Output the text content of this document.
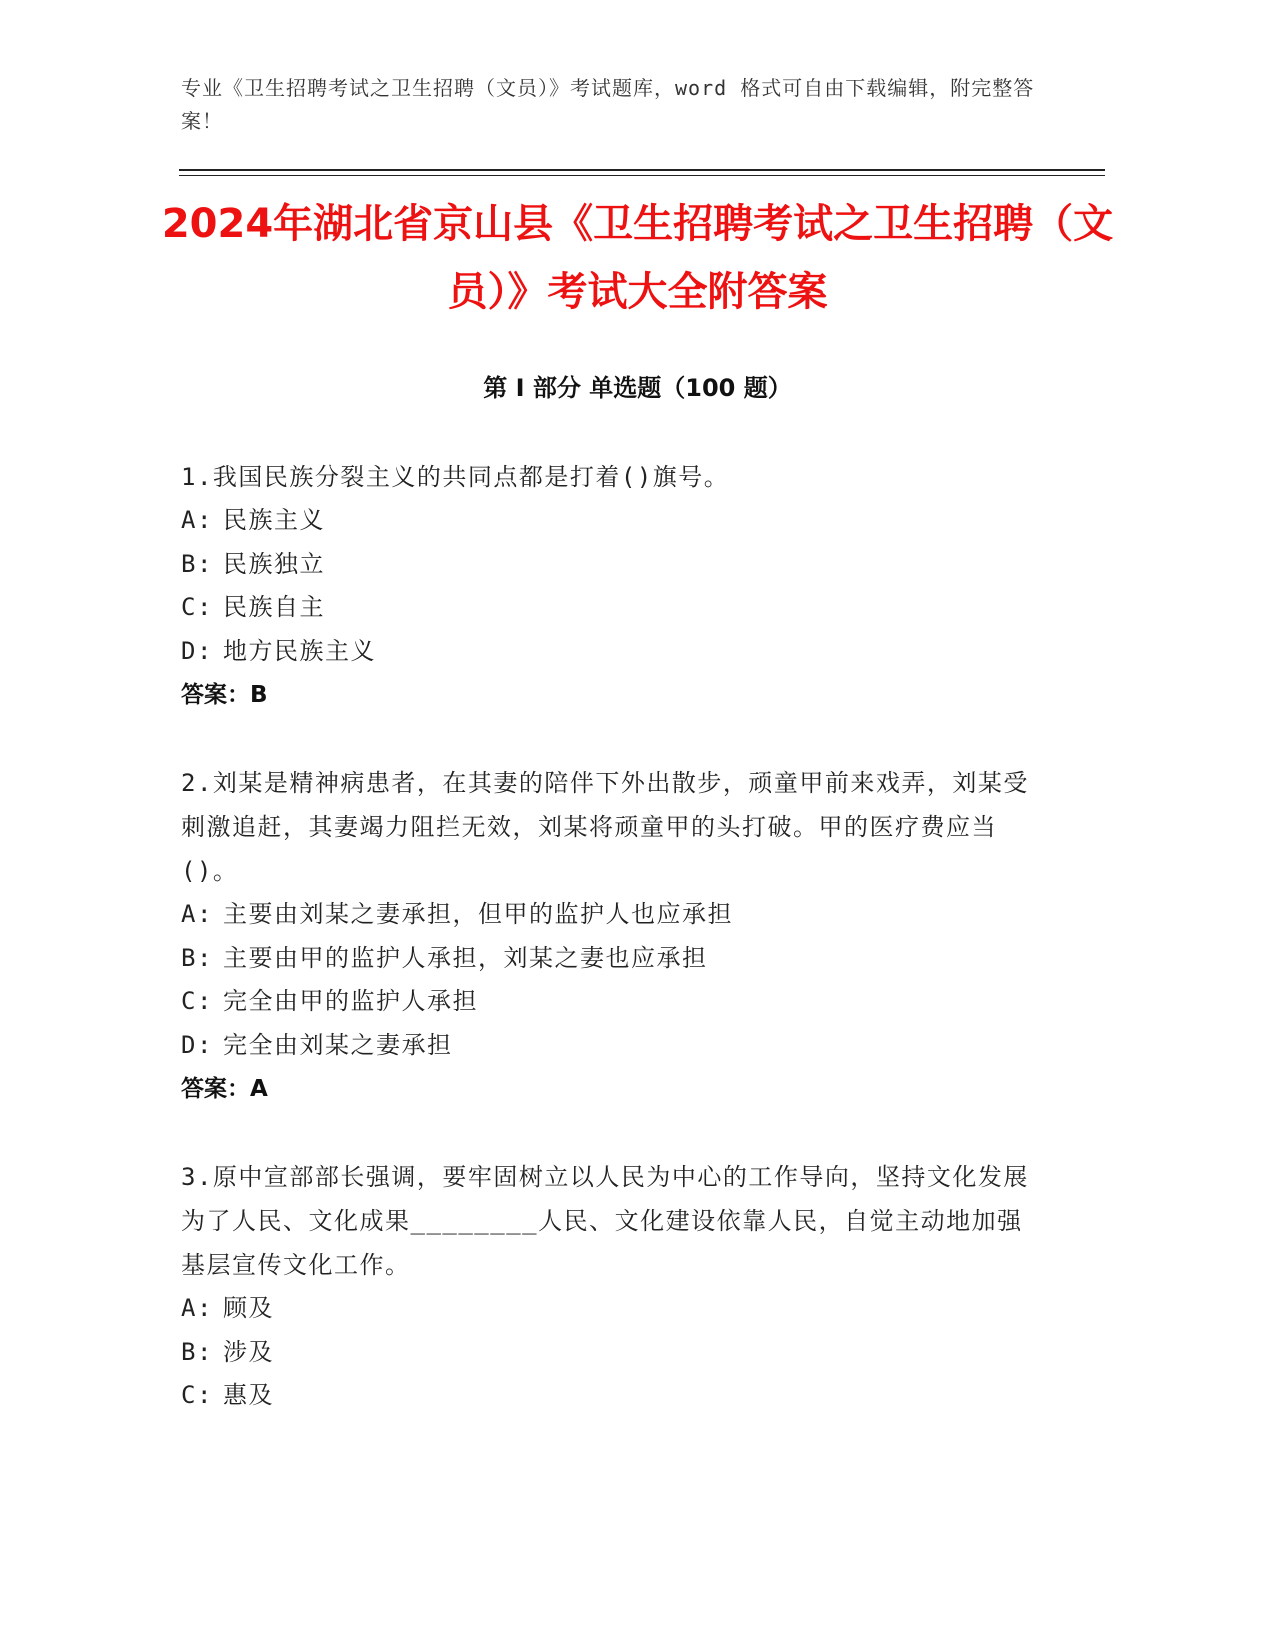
专业《卫生招聘考试之卫生招聘（文员）》考试题库，word 格式可自由下载编辑，附完整答案！
2024年湖北省京山县《卫生招聘考试之卫生招聘（文员）》考试大全附答案
第 I 部分 单选题（100 题）
1.我国民族分裂主义的共同点都是打着()旗号。
A: 民族主义
B: 民族独立
C: 民族自主
D: 地方民族主义
答案：B
2.刘某是精神病患者，在其妻的陪伴下外出散步，顽童甲前来戏弄，刘某受刺激追赶，其妻竭力阻拦无效，刘某将顽童甲的头打破。甲的医疗费应当()。
A: 主要由刘某之妻承担，但甲的监护人也应承担
B: 主要由甲的监护人承担，刘某之妻也应承担
C: 完全由甲的监护人承担
D: 完全由刘某之妻承担
答案：A
3.原中宣部部长强调，要牢固树立以人民为中心的工作导向，坚持文化发展为了人民、文化成果________人民、文化建设依靠人民，自觉主动地加强基层宣传文化工作。
A: 顾及
B: 涉及
C: 惠及
